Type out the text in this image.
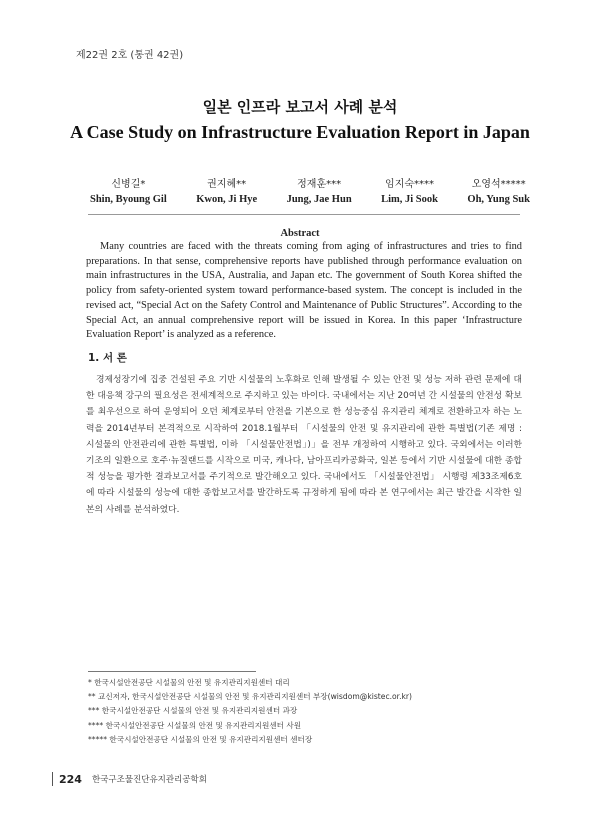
제22권 2호 (통권 42권)
일본 인프라 보고서 사례 분석
A Case Study on Infrastructure Evaluation Report in Japan
신병길*
Shin, Byoung Gil
권지혜**
Kwon, Ji Hye
정재훈***
Jung, Jae Hun
임지숙****
Lim, Ji Sook
오영석*****
Oh, Yung Suk
Abstract
Many countries are faced with the threats coming from aging of infrastructures and tries to find preparations. In that sense, comprehensive reports have published through performance evaluation on main infrastructures in the USA, Australia, and Japan etc. The government of South Korea shifted the policy from safety-oriented system toward performance-based system. The concept is included in the revised act, “Special Act on the Safety Control and Maintenance of Public Structures”. According to the Special Act, an annual comprehensive report will be issued in Korea. In this paper ‘Infrastructure Evaluation Report’ is analyzed as a reference.
1. 서 론
경제성장기에 집중 건설된 주요 기반 시설물의 노후화로 인해 발생될 수 있는 안전 및 성능 저하 관련 문제에 대한 대응책 강구의 필요성은 전세계적으로 주지하고 있는 바이다. 국내에서는 지난 20여년 간 시설물의 안전성 확보를 최우선으로 하여 운영되어 오던 체계로부터 안전을 기본으로 한 성능중심 유지관리 체계로 전환하고자 하는 노력을 2014년부터 본격적으로 시작하여 2018.1월부터 「시설물의 안전 및 유지관리에 관한 특별법(기존 제명 : 시설물의 안전관리에 관한 특별법, 이하 「시설물안전법」)」을 전부 개정하여 시행하고 있다. 국외에서는 이러한 기조의 일환으로 호주·뉴질랜드를 시작으로 미국, 캐나다, 남아프리카공화국, 일본 등에서 기반 시설물에 대한 종합적 성능을 평가한 결과보고서를 주기적으로 발간해오고 있다. 국내에서도 「시설물안전법」 시행령 제33조제6호에 따라 시설물의 성능에 대한 종합보고서를 발간하도록 규정하게 됨에 따라 본 연구에서는 최근 발간을 시작한 일본의 사례를 분석하였다.
* 한국시설안전공단 시설물의 안전 및 유지관리지원센터 대리
** 교신저자, 한국시설안전공단 시설물의 안전 및 유지관리지원센터 부장(wisdom@kistec.or.kr)
*** 한국시설안전공단 시설물의 안전 및 유지관리지원센터 과장
**** 한국시설안전공단 시설물의 안전 및 유지관리지원센터 사원
***** 한국시설안전공단 시설물의 안전 및 유지관리지원센터 센터장
224 한국구조물진단유지관리공학회
